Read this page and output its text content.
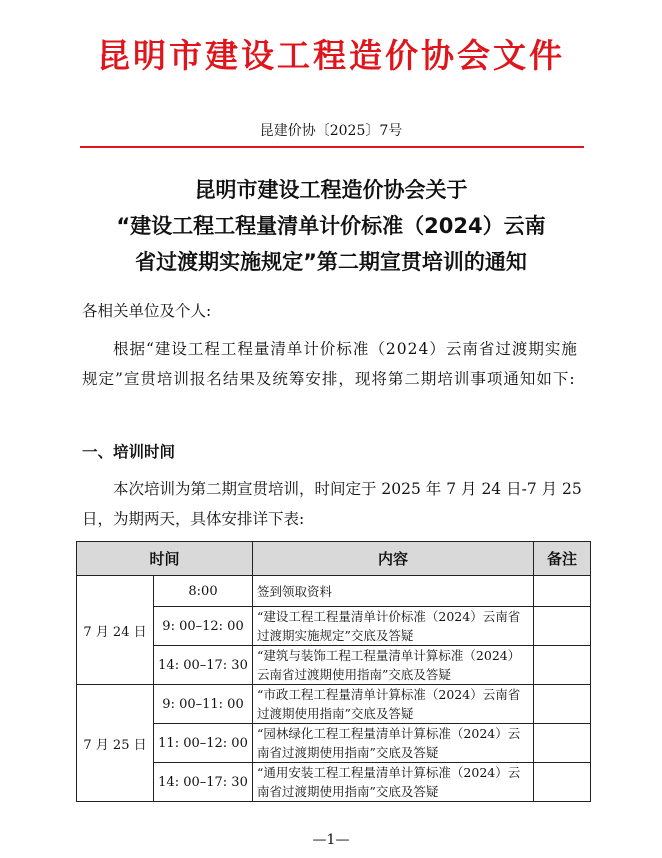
昆明市建设工程造价协会文件
昆建价协〔2025〕7号
昆明市建设工程造价协会关于
“建设工程工程量清单计价标准（2024）云南
省过渡期实施规定”第二期宣贯培训的通知
各相关单位及个人:
根据“建设工程工程量清单计价标准（2024）云南省过渡期实施规定”宣贯培训报名结果及统筹安排，现将第二期培训事项通知如下:
一、培训时间
本次培训为第二期宣贯培训，时间定于 2025 年 7 月 24 日-7 月 25 日，为期两天，具体安排详下表:
时间		内容	备注
7 月 24 日	8:00	签到领取资料	
	9: 00–12: 00	“建设工程工程量清单计价标准（2024）云南省过渡期实施规定”交底及答疑	
	14: 00–17: 30	“建筑与装饰工程工程量清单计算标准（2024）云南省过渡期使用指南”交底及答疑	
7 月 25 日	9: 00–11: 00	“市政工程工程量清单计算标准（2024）云南省过渡期使用指南”交底及答疑	
	11: 00–12: 00	“园林绿化工程工程量清单计算标准（2024）云南省过渡期使用指南”交底及答疑	
	14: 00–17: 30	“通用安装工程工程量清单计算标准（2024）云南省过渡期使用指南”交底及答疑	
—1—
